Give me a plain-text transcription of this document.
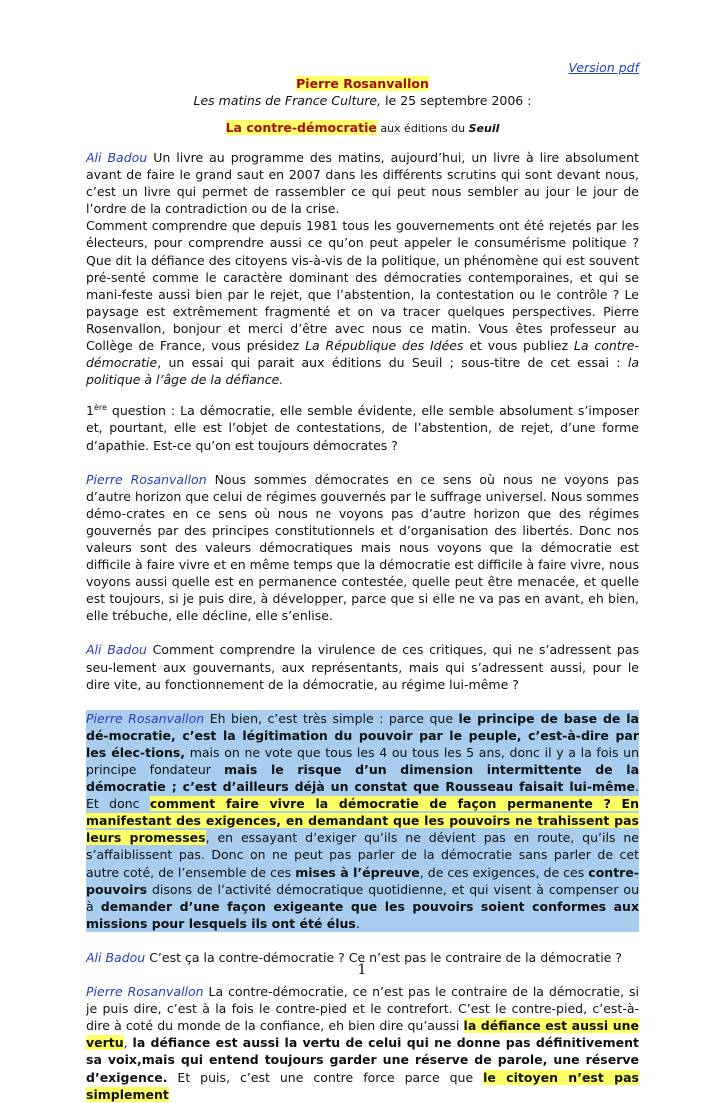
Version pdf
Pierre Rosanvallon
Les matins de France Culture, le 25 septembre 2006 :
La contre-démocratie aux éditions du Seuil

Ali Badou Un livre au programme des matins, aujourd’hui, un livre à lire absolument avant de faire le grand saut en 2007 dans les différents scrutins qui sont devant nous, c’est un livre qui permet de rassembler ce qui peut nous sembler au jour le jour de l’ordre de la contradiction ou de la crise.

Comment comprendre que depuis 1981 tous les gouvernements ont été rejetés par les électeurs, pour comprendre aussi ce qu’on peut appeler le consumérisme politique ? Que dit la défiance des citoyens vis-à-vis de la politique, un phénomène qui est souvent pré-senté comme le caractère dominant des démocraties contemporaines, et qui se mani-feste aussi bien par le rejet, que l’abstention, la contestation ou le contrôle ? Le paysage est extrêmement fragmenté et on va tracer quelques perspectives. Pierre Rosenvallon, bonjour et merci d’être avec nous ce matin. Vous êtes professeur au Collège de France, vous présidez La République des Idées et vous publiez La contre-démocratie, un essai qui parait aux éditions du Seuil ; sous-titre de cet essai : la politique à l’âge de la défiance.

1ère question : La démocratie, elle semble évidente, elle semble absolument s’imposer et, pourtant, elle est l’objet de contestations, de l’abstention, de rejet, d’une forme d’apathie. Est-ce qu’on est toujours démocrates ?

Pierre Rosanvallon Nous sommes démocrates en ce sens où nous ne voyons pas d’autre horizon que celui de régimes gouvernés par le suffrage universel. Nous sommes démo-crates en ce sens où nous ne voyons pas d’autre horizon que des régimes gouvernés par des principes constitutionnels et d’organisation des libertés. Donc nos valeurs sont des valeurs démocratiques mais nous voyons que la démocratie est difficile à faire vivre et en même temps que la démocratie est difficile à faire vivre, nous voyons aussi quelle est en permanence contestée, quelle peut être menacée, et quelle est toujours, si je puis dire, à développer, parce que si elle ne va pas en avant, eh bien, elle trébuche, elle décline, elle s’enlise.

Ali Badou Comment comprendre la virulence de ces critiques, qui ne s’adressent pas seu-lement aux gouvernants, aux représentants, mais qui s’adressent aussi, pour le dire vite, au fonctionnement de la démocratie, au régime lui-même ?

Pierre Rosanvallon Eh bien, c’est très simple : parce que le principe de base de la dé-mocratie, c’est la légitimation du pouvoir par le peuple, c’est-à-dire par les élec-tions, mais on ne vote que tous les 4 ou tous les 5 ans, donc il y a la fois un principe fondateur mais le risque d’un dimension intermittente de la démocratie ; c’est d’ailleurs déjà un constat que Rousseau faisait lui-même. Et donc comment faire vivre la démocratie de façon permanente ? En manifestant des exigences, en demandant que les pouvoirs ne trahissent pas leurs promesses, en essayant d’exiger qu’ils ne dévient pas en route, qu’ils ne s’affaiblissent pas. Donc on ne peut pas parler de la démocratie sans parler de cet autre coté, de l’ensemble de ces mises à l’épreuve, de ces exigences, de ces contre-pouvoirs disons de l’activité démocratique quotidienne, et qui visent à compenser ou à demander d’une façon exigeante que les pouvoirs soient conformes aux missions pour lesquels ils ont été élus.

Ali Badou C’est ça la contre-démocratie ? Ce n’est pas le contraire de la démocratie ?

Pierre Rosanvallon La contre-démocratie, ce n’est pas le contraire de la démocratie, si je puis dire, c’est à la fois le contre-pied et le contrefort. C’est le contre-pied, c’est-à-dire à coté du monde de la confiance, eh bien dire qu’aussi la défiance est aussi une vertu, la défiance est aussi la vertu de celui qui ne donne pas définitivement sa voix,mais qui entend toujours garder une réserve de parole, une réserve d’exigence. Et puis, c’est une contre force parce que le citoyen n’est pas simplement

1
